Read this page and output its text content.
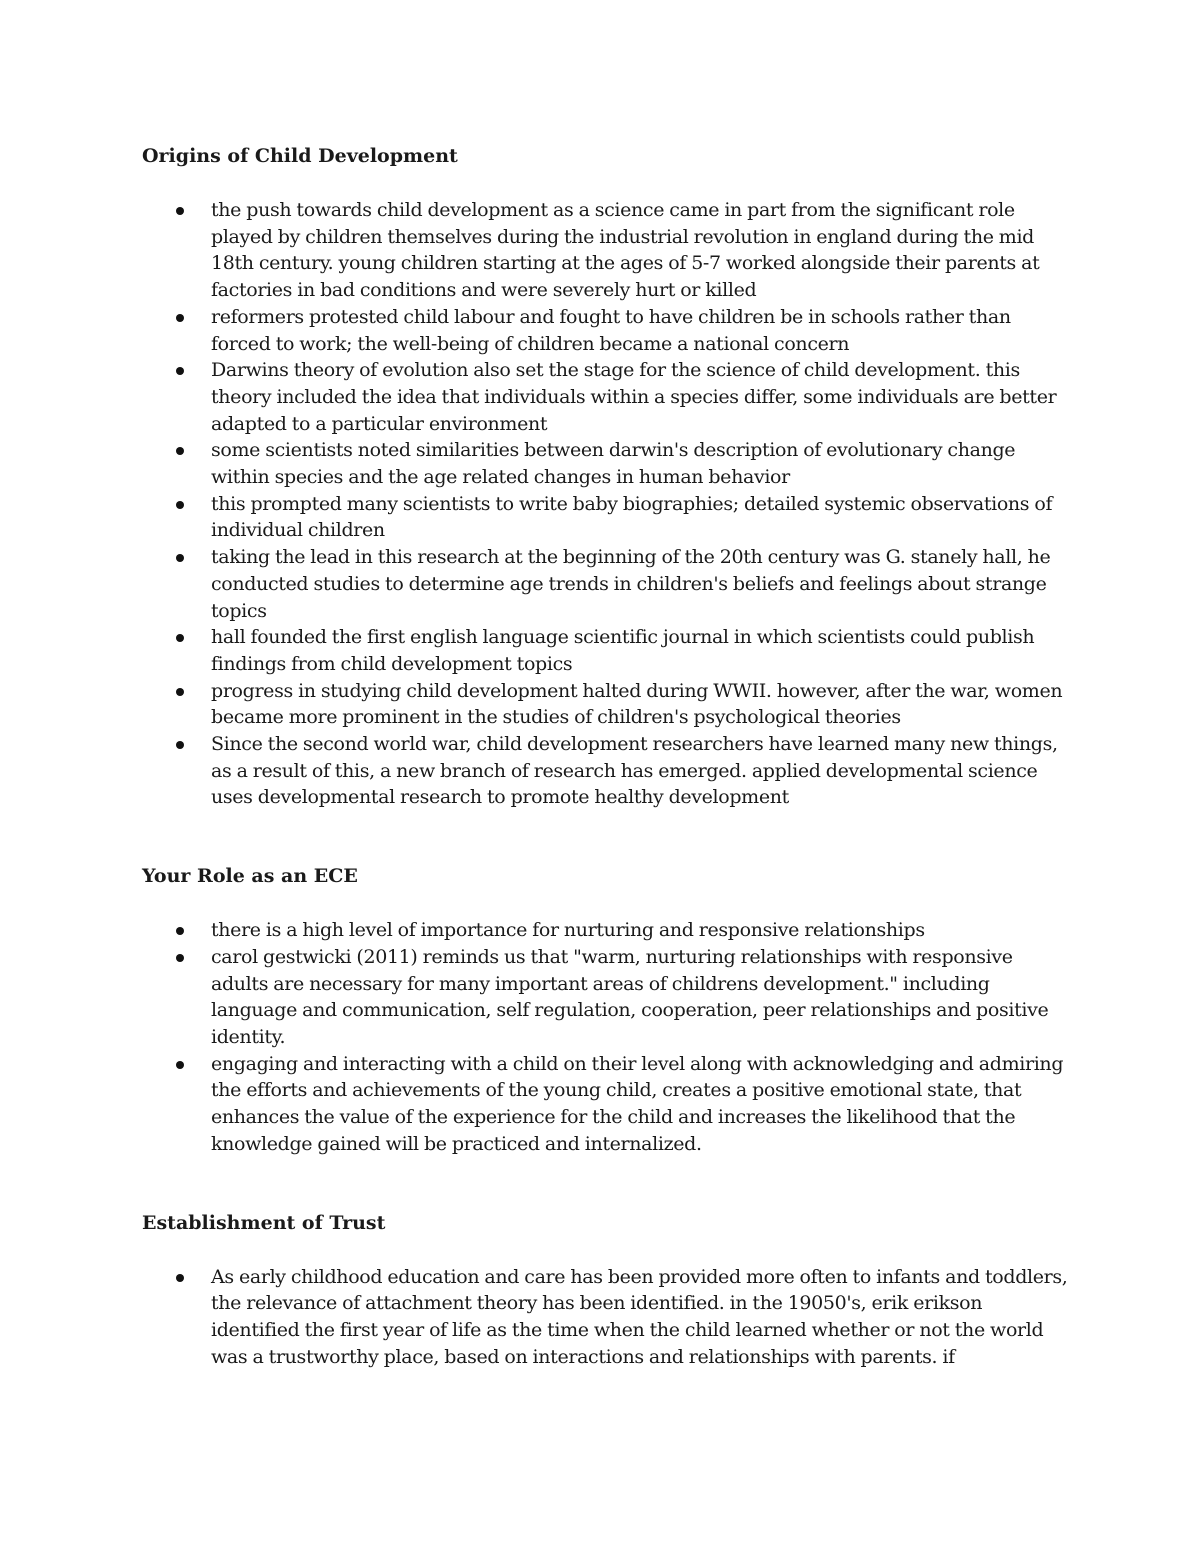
Origins of Child Development
the push towards child development as a science came in part from the significant role played by children themselves during the industrial revolution in england during the mid 18th century. young children starting at the ages of 5-7 worked alongside their parents at factories in bad conditions and were severely hurt or killed
reformers protested child labour and fought to have children be in schools rather than forced to work; the well-being of children became a national concern
Darwins theory of evolution also set the stage for the science of child development. this theory included the idea that individuals within a species differ, some individuals are better adapted to a particular environment
some scientists noted similarities between darwin's description of evolutionary change within species and the age related changes in human behavior
this prompted many scientists to write baby biographies; detailed systemic observations of individual children
taking the lead in this research at the beginning of the 20th century was G. stanely hall, he conducted studies to determine age trends in children's beliefs and feelings about strange topics
hall founded the first english language scientific journal in which scientists could publish findings from child development topics
progress in studying child development halted during WWII. however, after the war, women became more prominent in the studies of children's psychological theories
Since the second world war, child development researchers have learned many new things, as a result of this, a new branch of research has emerged. applied developmental science uses developmental research to promote healthy development
Your Role as an ECE
there is a high level of importance for nurturing and responsive relationships
carol gestwicki (2011) reminds us that "warm, nurturing relationships with responsive adults are necessary for many important areas of childrens development." including language and communication, self regulation, cooperation, peer relationships and positive identity.
engaging and interacting with a child on their level along with acknowledging and admiring the efforts and achievements of the young child, creates a positive emotional state, that enhances the value of the experience for the child and increases the likelihood that the knowledge gained will be practiced and internalized.
Establishment of Trust
As early childhood education and care has been provided more often to infants and toddlers, the relevance of attachment theory has been identified. in the 19050's, erik erikson identified the first year of life as the time when the child learned whether or not the world was a trustworthy place, based on interactions and relationships with parents. if
